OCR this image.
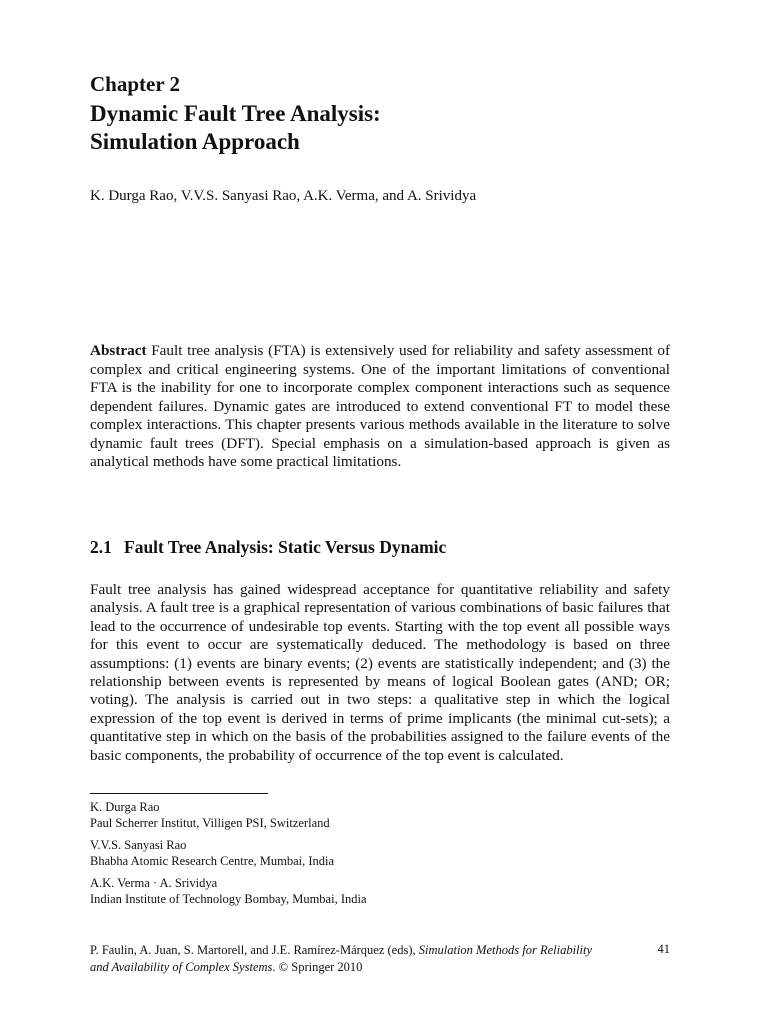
Chapter 2
Dynamic Fault Tree Analysis:
Simulation Approach
K. Durga Rao, V.V.S. Sanyasi Rao, A.K. Verma, and A. Srividya
Abstract Fault tree analysis (FTA) is extensively used for reliability and safety assessment of complex and critical engineering systems. One of the important limitations of conventional FTA is the inability for one to incorporate complex component interactions such as sequence dependent failures. Dynamic gates are introduced to extend conventional FT to model these complex interactions. This chapter presents various methods available in the literature to solve dynamic fault trees (DFT). Special emphasis on a simulation-based approach is given as analytical methods have some practical limitations.
2.1 Fault Tree Analysis: Static Versus Dynamic
Fault tree analysis has gained widespread acceptance for quantitative reliability and safety analysis. A fault tree is a graphical representation of various combinations of basic failures that lead to the occurrence of undesirable top events. Starting with the top event all possible ways for this event to occur are systematically deduced. The methodology is based on three assumptions: (1) events are binary events; (2) events are statistically independent; and (3) the relationship between events is represented by means of logical Boolean gates (AND; OR; voting). The analysis is carried out in two steps: a qualitative step in which the logical expression of the top event is derived in terms of prime implicants (the minimal cut-sets); a quantitative step in which on the basis of the probabilities assigned to the failure events of the basic components, the probability of occurrence of the top event is calculated.
K. Durga Rao
Paul Scherrer Institut, Villigen PSI, Switzerland
V.V.S. Sanyasi Rao
Bhabha Atomic Research Centre, Mumbai, India
A.K. Verma · A. Srividya
Indian Institute of Technology Bombay, Mumbai, India
P. Faulin, A. Juan, S. Martorell, and J.E. Ramírez-Márquez (eds), Simulation Methods for Reliability and Availability of Complex Systems. © Springer 2010
41
